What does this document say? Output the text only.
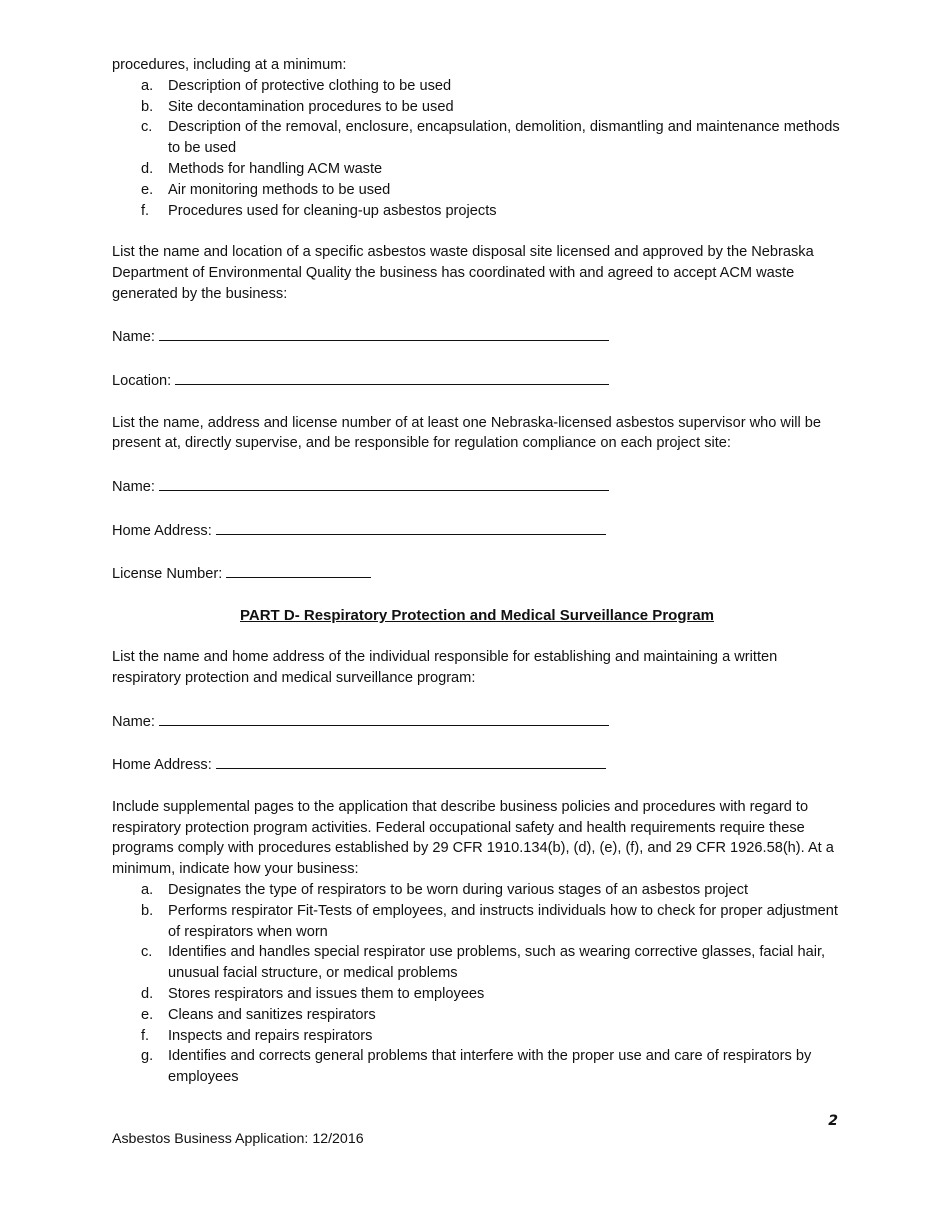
procedures, including at a minimum:
a. Description of protective clothing to be used
b. Site decontamination procedures to be used
c. Description of the removal, enclosure, encapsulation, demolition, dismantling and maintenance methods to be used
d. Methods for handling ACM waste
e. Air monitoring methods to be used
f. Procedures used for cleaning-up asbestos projects

List the name and location of a specific asbestos waste disposal site licensed and approved by the Nebraska Department of Environmental Quality the business has coordinated with and agreed to accept ACM waste generated by the business:

Name:
Location:

List the name, address and license number of at least one Nebraska-licensed asbestos supervisor who will be present at, directly supervise, and be responsible for regulation compliance on each project site:

Name:
Home Address:
License Number:
PART D- Respiratory Protection and Medical Surveillance Program

List the name and home address of the individual responsible for establishing and maintaining a written respiratory protection and medical surveillance program:

Name:
Home Address:

Include supplemental pages to the application that describe business policies and procedures with regard to respiratory protection program activities. Federal occupational safety and health requirements require these programs comply with procedures established by 29 CFR 1910.134(b), (d), (e), (f), and 29 CFR 1926.58(h). At a minimum, indicate how your business:

a. Designates the type of respirators to be worn during various stages of an asbestos project
b. Performs respirator Fit-Tests of employees, and instructs individuals how to check for proper adjustment of respirators when worn
c. Identifies and handles special respirator use problems, such as wearing corrective glasses, facial hair, unusual facial structure, or medical problems
d. Stores respirators and issues them to employees
e. Cleans and sanitizes respirators
f. Inspects and repairs respirators
g. Identifies and corrects general problems that interfere with the proper use and care of respirators by employees
2
Asbestos Business Application: 12/2016
